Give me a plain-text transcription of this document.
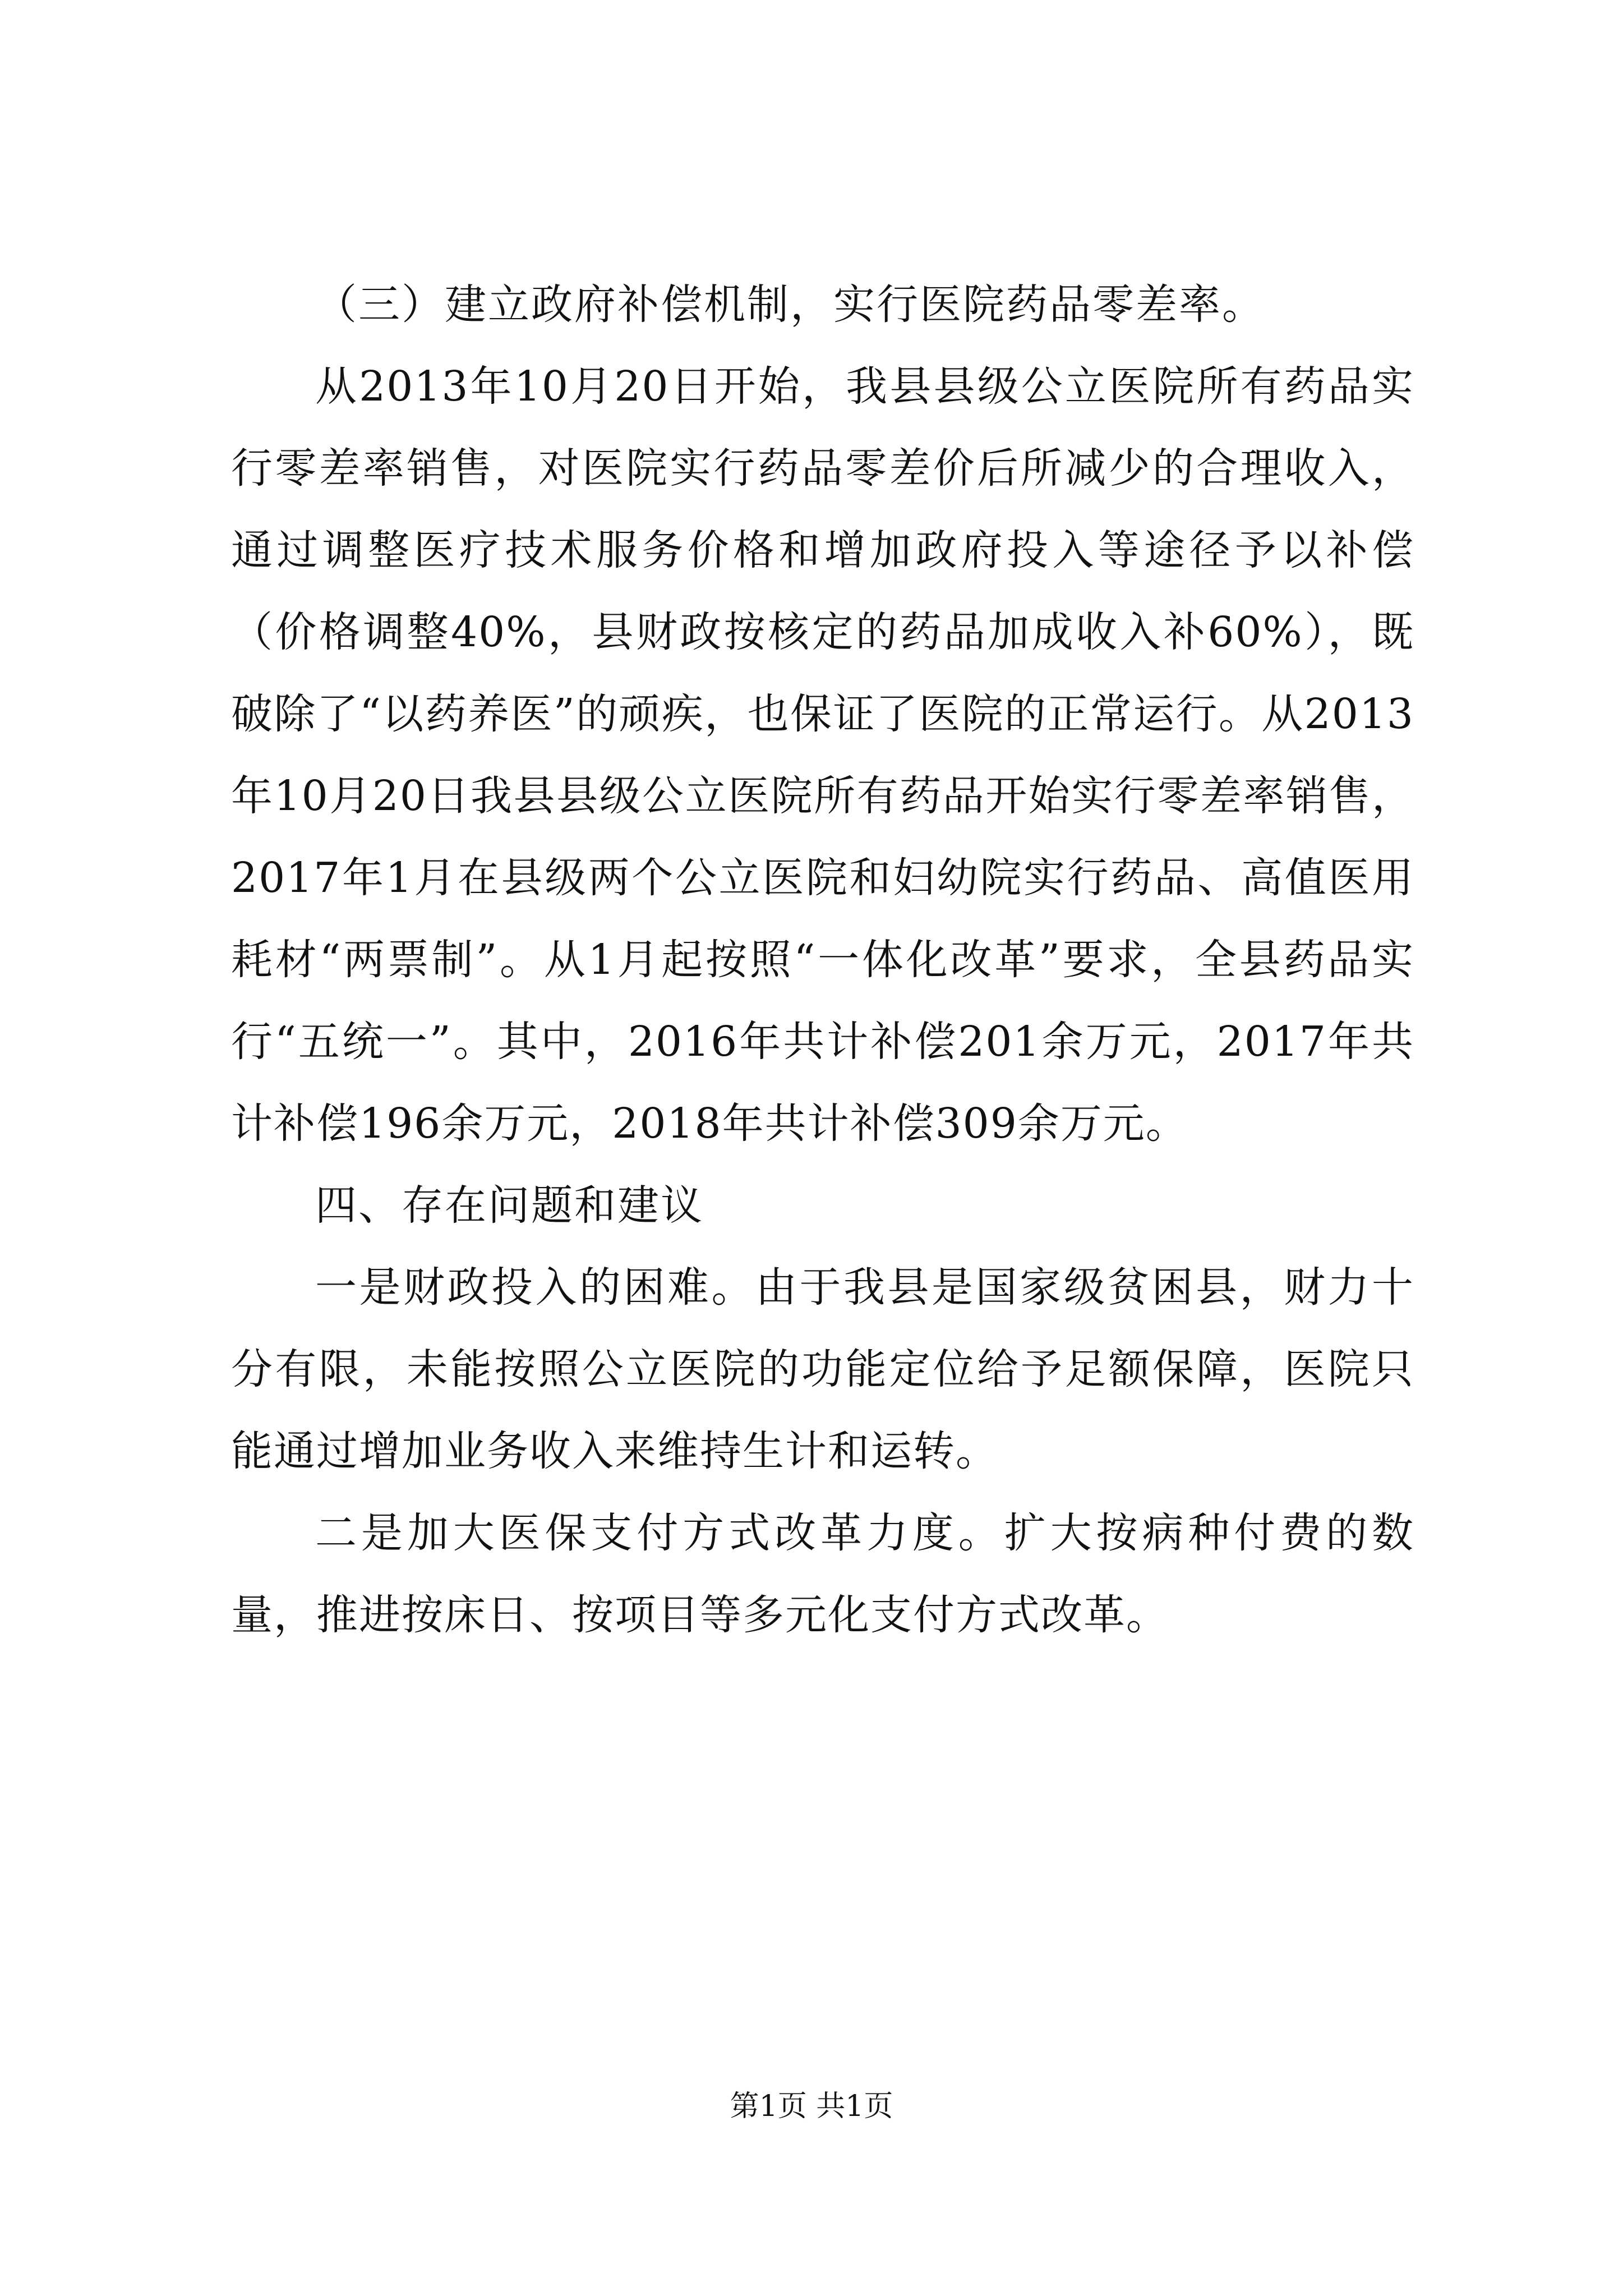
（三）建立政府补偿机制，实行医院药品零差率。

从2013年10月20日开始，我县县级公立医院所有药品实行零差率销售，对医院实行药品零差价后所减少的合理收入，通过调整医疗技术服务价格和增加政府投入等途径予以补偿（价格调整40%，县财政按核定的药品加成收入补60%），既破除了“以药养医”的顽疾，也保证了医院的正常运行。从2013年10月20日我县县级公立医院所有药品开始实行零差率销售，2017年1月在县级两个公立医院和妇幼院实行药品、高值医用耗材“两票制”。从1月起按照“一体化改革”要求，全县药品实行“五统一”。其中，2016年共计补偿201余万元，2017年共计补偿196余万元，2018年共计补偿309余万元。

四、存在问题和建议

一是财政投入的困难。由于我县是国家级贫困县，财力十分有限，未能按照公立医院的功能定位给予足额保障，医院只能通过增加业务收入来维持生计和运转。

二是加大医保支付方式改革力度。扩大按病种付费的数量，推进按床日、按项目等多元化支付方式改革。

第1页 共1页
